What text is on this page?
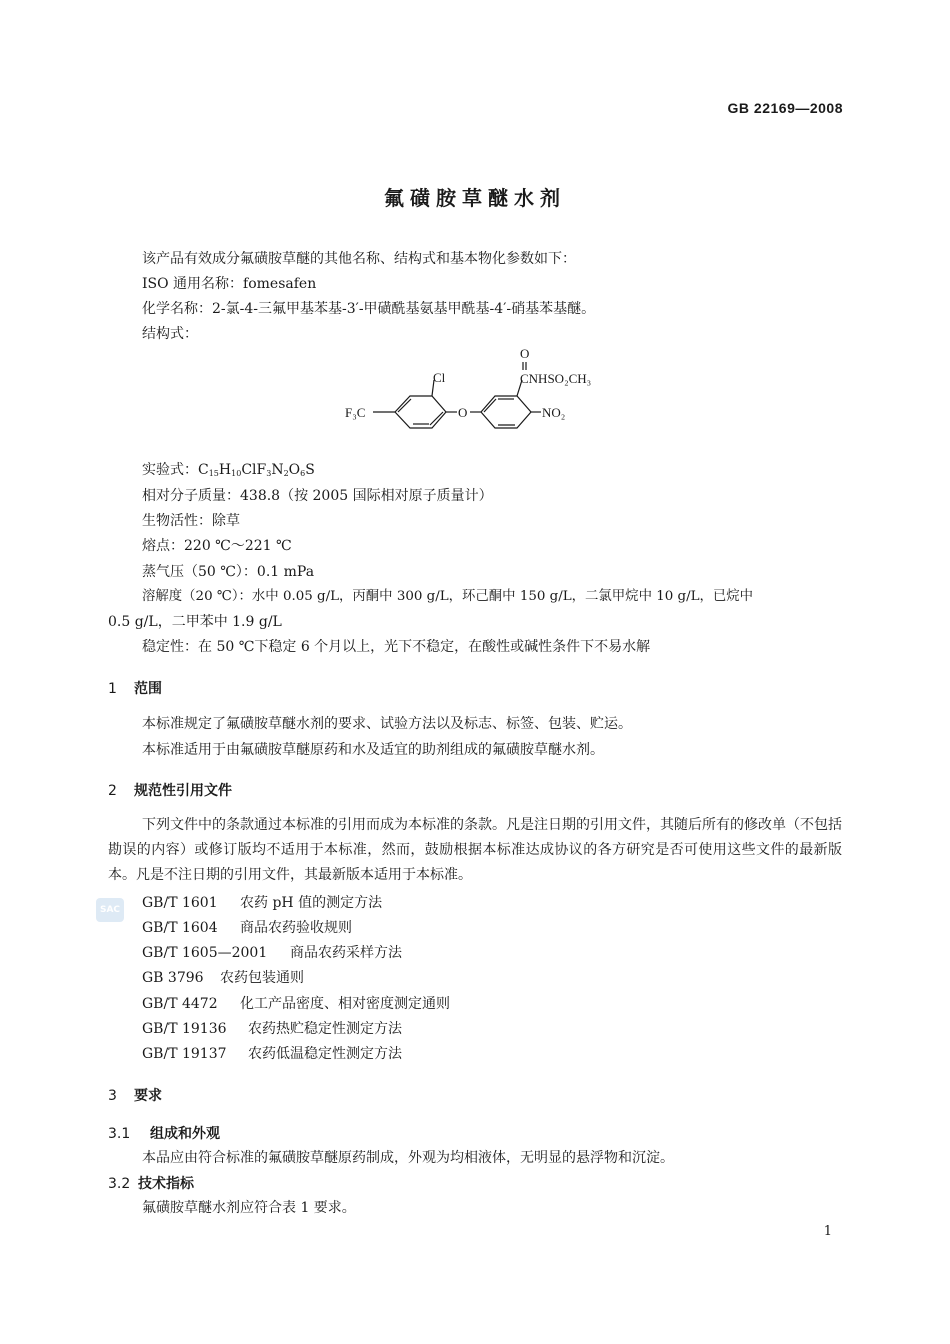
GB 22169—2008
氟磺胺草醚水剂
该产品有效成分氟磺胺草醚的其他名称、结构式和基本物化参数如下：
ISO 通用名称：fomesafen
化学名称：2-氯-4-三氟甲基苯基-3′-甲磺酰基氨基甲酰基-4′-硝基苯基醚。
结构式：
O
Cl
F₃C	O
CNHSO₂CH₃
NO₂
实验式：$C_{15}H_{10}ClF_3N_2O_6S$
相对分子质量：438.8（按 2005 国际相对原子质量计）
生物活性：除草
熔点：220 ℃～221 ℃
蒸气压（50 ℃）：0.1 mPa
溶解度（20 ℃）：水中 0.05 g/L，丙酮中 300 g/L，环己酮中 150 g/L，二氯甲烷中 10 g/L，已烷中
0.5 g/L，二甲苯中 1.9 g/L
稳定性：在 50 ℃下稳定 6 个月以上，光下不稳定，在酸性或碱性条件下不易水解
1 范围
本标准规定了氟磺胺草醚水剂的要求、试验方法以及标志、标签、包装、贮运。
本标准适用于由氟磺胺草醚原药和水及适宜的助剂组成的氟磺胺草醚水剂。
2 规范性引用文件
下列文件中的条款通过本标准的引用而成为本标准的条款。凡是注日期的引用文件，其随后所有的修改单（不包括勘误的内容）或修订版均不适用于本标准，然而，鼓励根据本标准达成协议的各方研究是否可使用这些文件的最新版本。凡是不注日期的引用文件，其最新版本适用于本标准。
SAC GB/T 1601 农药 pH 值的测定方法
GB/T 1604 商品农药验收规则
GB/T 1605—2001 商品农药采样方法
GB 3796 农药包装通则
GB/T 4472 化工产品密度、相对密度测定通则
GB/T 19136 农药热贮稳定性测定方法
GB/T 19137 农药低温稳定性测定方法
3 要求
3.1 组成和外观
本品应由符合标准的氟磺胺草醚原药制成，外观为均相液体，无明显的悬浮物和沉淀。
3.2 技术指标
氟磺胺草醚水剂应符合表 1 要求。
1
